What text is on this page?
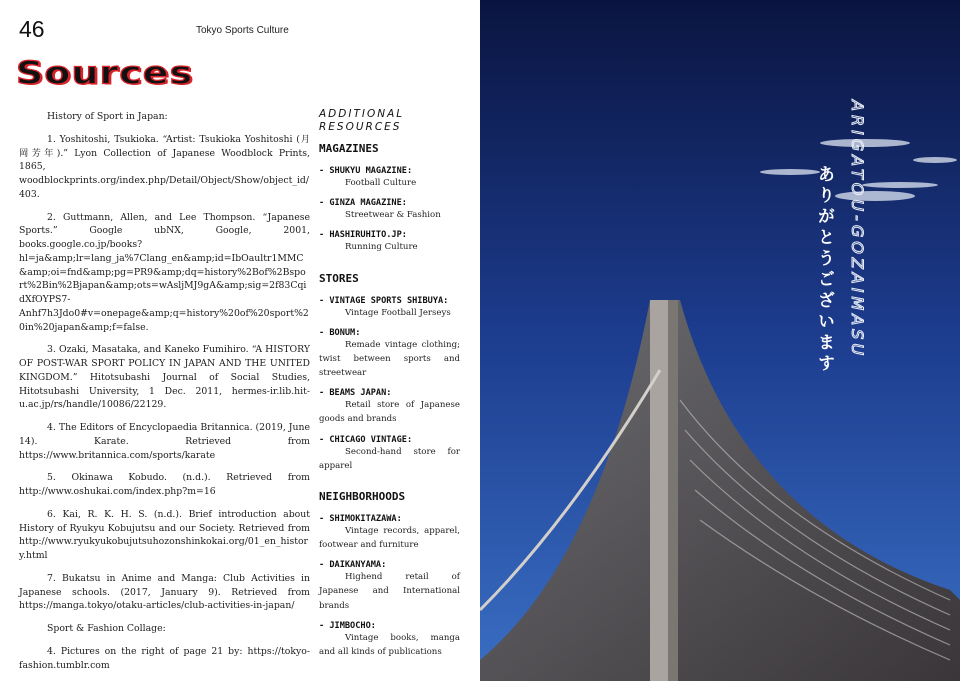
46	Tokyo Sports Culture
Sources

History of Sport in Japan:

1. Yoshitoshi, Tsukioka. “Artist: Tsukioka Yoshitoshi (月岡芳年).” Lyon Collection of Japanese Woodblock Prints, 1865, woodblockprints.org/index.php/Detail/Object/Show/object_id/403.

2. Guttmann, Allen, and Lee Thompson. “Japanese Sports.” Google ubNX, Google, 2001, books.google.co.jp/books?hl=ja&amp;lr=lang_ja%7Clang_en&amp;id=IbOaultr1MMC&amp;oi=fnd&amp;pg=PR9&amp;dq=history%2Bof%2Bsport%2Bin%2Bjapan&amp;ots=wAsljMJ9gA&amp;sig=2f83CqidXfOYPS7-Anhf7h3Jdo0#v=onepage&amp;q=history%20of%20sport%20in%20japan&amp;f=false.

3. Ozaki, Masataka, and Kaneko Fumihiro. “A HISTORY OF POST-WAR SPORT POLICY IN JAPAN AND THE UNITED KINGDOM.” Hitotsubashi Journal of Social Studies, Hitotsubashi University, 1 Dec. 2011, hermes-ir.lib.hit-u.ac.jp/rs/handle/10086/22129.

4. The Editors of Encyclopaedia Britannica. (2019, June 14). Karate. Retrieved from https://www.britannica.com/sports/karate

5. Okinawa Kobudo. (n.d.). Retrieved from http://www.oshukai.com/index.php?m=16

6. Kai, R. K. H. S. (n.d.). Brief introduction about History of Ryukyu Kobujutsu and our Society. Retrieved from http://www.ryukyukobujutsuhozonshinkokai.org/01_en_history.html

7. Bukatsu in Anime and Manga: Club Activities in Japanese schools. (2017, January 9). Retrieved from https://manga.tokyo/otaku-articles/club-activities-in-japan/

Sport & Fashion Collage:

4. Pictures on the right of page 21 by: https://tokyo-fashion.tumblr.com

ADDITIONAL
RESOURCES
MAGAZINES
- SHUKYU MAGAZINE:
Football Culture
- GINZA MAGAZINE:
Streetwear & Fashion
- HASHIRUHITO.JP:
Running Culture
STORES
- VINTAGE SPORTS SHIBUYA:
Vintage Football Jerseys
- BONUM:
Remade vintage clothing; twist between sports and streetwear
- BEAMS JAPAN:
Retail store of Japanese goods and brands
- CHICAGO VINTAGE:
Second-hand store for apparel
NEIGHBORHOODS
- SHIMOKITAZAWA:
Vintage records, apparel, footwear and furniture
- DAIKANYAMA:
Highend retail of Japanese and International brands
- JIMBOCHO:
Vintage books, manga and all kinds of publications
ありがとうございます ARIGATOU-GOZAIMASU
